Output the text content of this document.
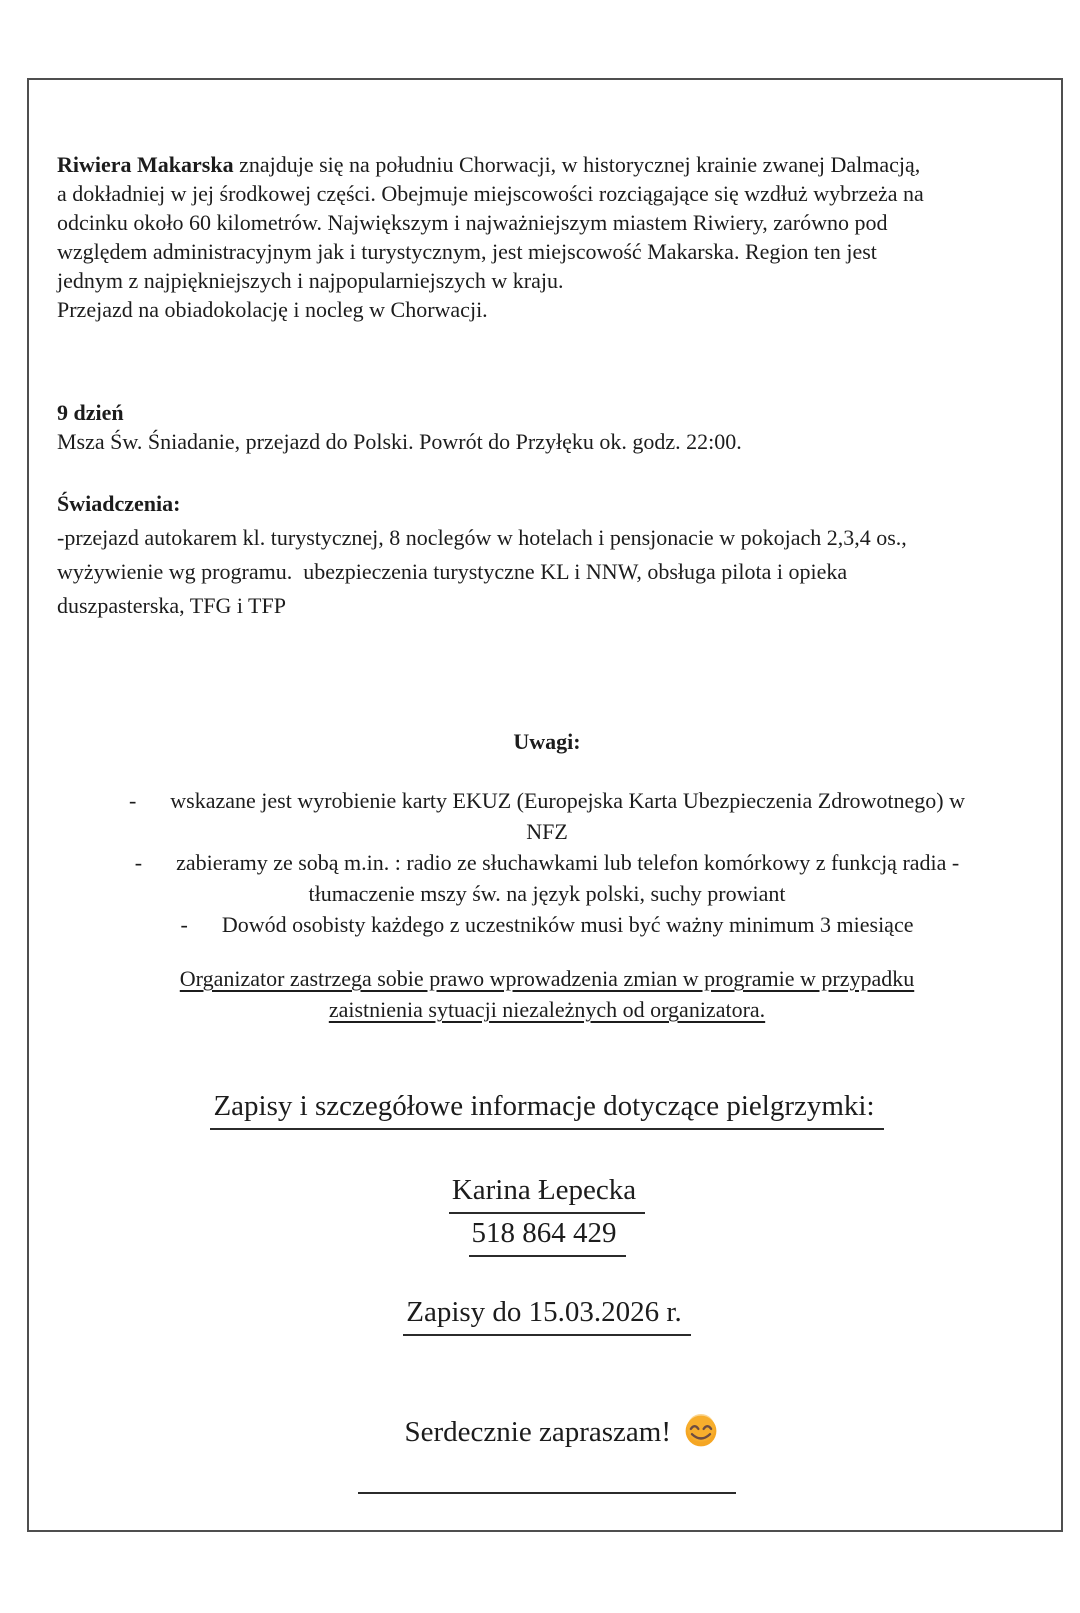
Riwiera Makarska znajduje się na południu Chorwacji, w historycznej krainie zwanej Dalmacją,
a dokładniej w jej środkowej części. Obejmuje miejscowości rozciągające się wzdłuż wybrzeża na
odcinku około 60 kilometrów. Największym i najważniejszym miastem Riwiery, zarówno pod
względem administracyjnym jak i turystycznym, jest miejscowość Makarska. Region ten jest
jednym z najpiękniejszych i najpopularniejszych w kraju.
Przejazd na obiadokolację i nocleg w Chorwacji.

9 dzień
Msza Św. Śniadanie, przejazd do Polski. Powrót do Przyłęku ok. godz. 22:00.

Świadczenia:
-przejazd autokarem kl. turystycznej, 8 noclegów w hotelach i pensjonacie w pokojach 2,3,4 os.,
wyżywienie wg programu.  ubezpieczenia turystyczne KL i NNW, obsługa pilota i opieka
duszpasterska, TFG i TFP

Uwagi:

- wskazane jest wyrobienie karty EKUZ (Europejska Karta Ubezpieczenia Zdrowotnego) w
NFZ
- zabieramy ze sobą m.in. : radio ze słuchawkami lub telefon komórkowy z funkcją radia -
tłumaczenie mszy św. na język polski, suchy prowiant
- Dowód osobisty każdego z uczestników musi być ważny minimum 3 miesiące

Organizator zastrzega sobie prawo wprowadzenia zmian w programie w przypadku
zaistnienia sytuacji niezależnych od organizatora.

Zapisy i szczegółowe informacje dotyczące pielgrzymki:

Karina Łepecka
518 864 429

Zapisy do 15.03.2026 r.

Serdecznie zapraszam!
